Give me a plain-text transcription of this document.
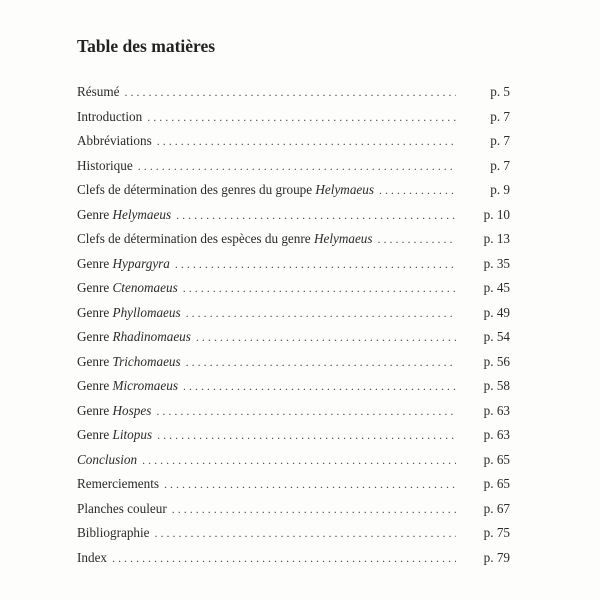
Table des matières
Résumé . . .	p. 5
Introduction . . .	p. 7
Abbréviations . . .	p. 7
Historique . . .	p. 7
Clefs de détermination des genres du groupe Helymaeus . . .	p. 9
Genre Helymaeus . . .	p. 10
Clefs de détermination des espèces du genre Helymaeus . . .	p. 13
Genre Hypargyra . . .	p. 35
Genre Ctenomaeus . . .	p. 45
Genre Phyllomaeus . . .	p. 49
Genre Rhadinomaeus . . .	p. 54
Genre Trichomaeus . . .	p. 56
Genre Micromaeus . . .	p. 58
Genre Hospes . . .	p. 63
Genre Litopus . . .	p. 63
Conclusion . . .	p. 65
Remerciements . . .	p. 65
Planches couleur . . .	p. 67
Bibliographie . . .	p. 75
Index . . .	p. 79
